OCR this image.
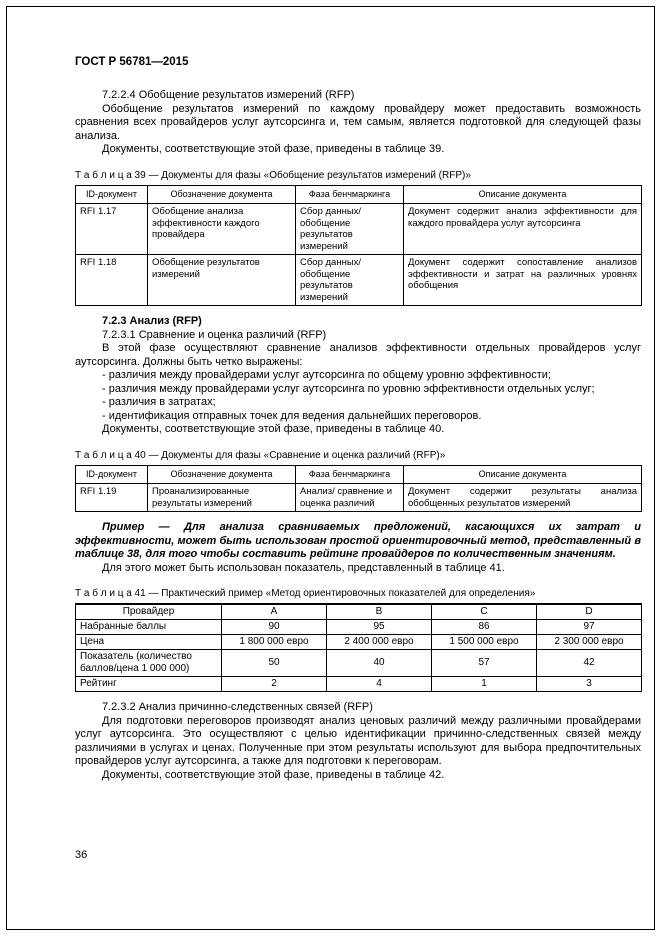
ГОСТ Р 56781—2015

7.2.2.4 Обобщение результатов измерений (RFP)

Обобщение результатов измерений по каждому провайдеру может предоставить возможность сравнения всех провайдеров услуг аутсорсинга и, тем самым, является подготовкой для следующей фазы анализа.

Документы, соответствующие этой фазе, приведены в таблице 39.

Т а б л и ц а 39 — Документы для фазы «Обобщение результатов измерений (RFP)»

ID-документ	Обозначение документа	Фаза бенчмаркинга	Описание документа
RFI 1.17	Обобщение анализа эффективности каждого провайдера	Сбор данных/ обобщение результатов измерений	Документ содержит анализ эффективности для каждого провайдера услуг аутсорсинга
RFI 1.18	Обобщение результатов измерений	Сбор данных/ обобщение результатов измерений	Документ содержит сопоставление анализов эффективности и затрат на различных уровнях обобщения

7.2.3 Анализ (RFP)

7.2.3.1 Сравнение и оценка различий (RFP)

В этой фазе осуществляют сравнение анализов эффективности отдельных провайдеров услуг аутсорсинга. Должны быть четко выражены:

- различия между провайдерами услуг аутсорсинга по общему уровню эффективности;

- различия между провайдерами услуг аутсорсинга по уровню эффективности отдельных услуг;

- различия в затратах;

- идентификация отправных точек для ведения дальнейших переговоров.

Документы, соответствующие этой фазе, приведены в таблице 40.

Т а б л и ц а 40 — Документы для фазы «Сравнение и оценка различий (RFP)»

ID-документ	Обозначение документа	Фаза бенчмаркинга	Описание документа
RFI 1.19	Проанализированные результаты измерений	Анализ/ сравнение и оценка различий	Документ содержит результаты анализа обобщенных результатов измерений

Пример — Для анализа сравниваемых предложений, касающихся их затрат и эффективности, может быть использован простой ориентировочный метод, представленный в таблице 38, для того чтобы составить рейтинг провайдеров по количественным значениям.

Для этого может быть использован показатель, представленный в таблице 41.

Т а б л и ц а 41 — Практический пример «Метод ориентировочных показателей для определения»

Провайдер	A	B	C	D
Набранные баллы	90	95	86	97
Цена	1 800 000 евро	2 400 000 евро	1 500 000 евро	2 300 000 евро
Показатель (количество баллов/цена 1 000 000)	50	40	57	42
Рейтинг	2	4	1	3

7.2.3.2 Анализ причинно-следственных связей (RFP)

Для подготовки переговоров производят анализ ценовых различий между различными провайдерами услуг аутсорсинга. Это осуществляют с целью идентификации причинно-следственных связей между различиями в услугах и ценах. Полученные при этом результаты используют для выбора предпочтительных провайдеров услуг аутсорсинга, а также для подготовки к переговорам.

Документы, соответствующие этой фазе, приведены в таблице 42.

36
